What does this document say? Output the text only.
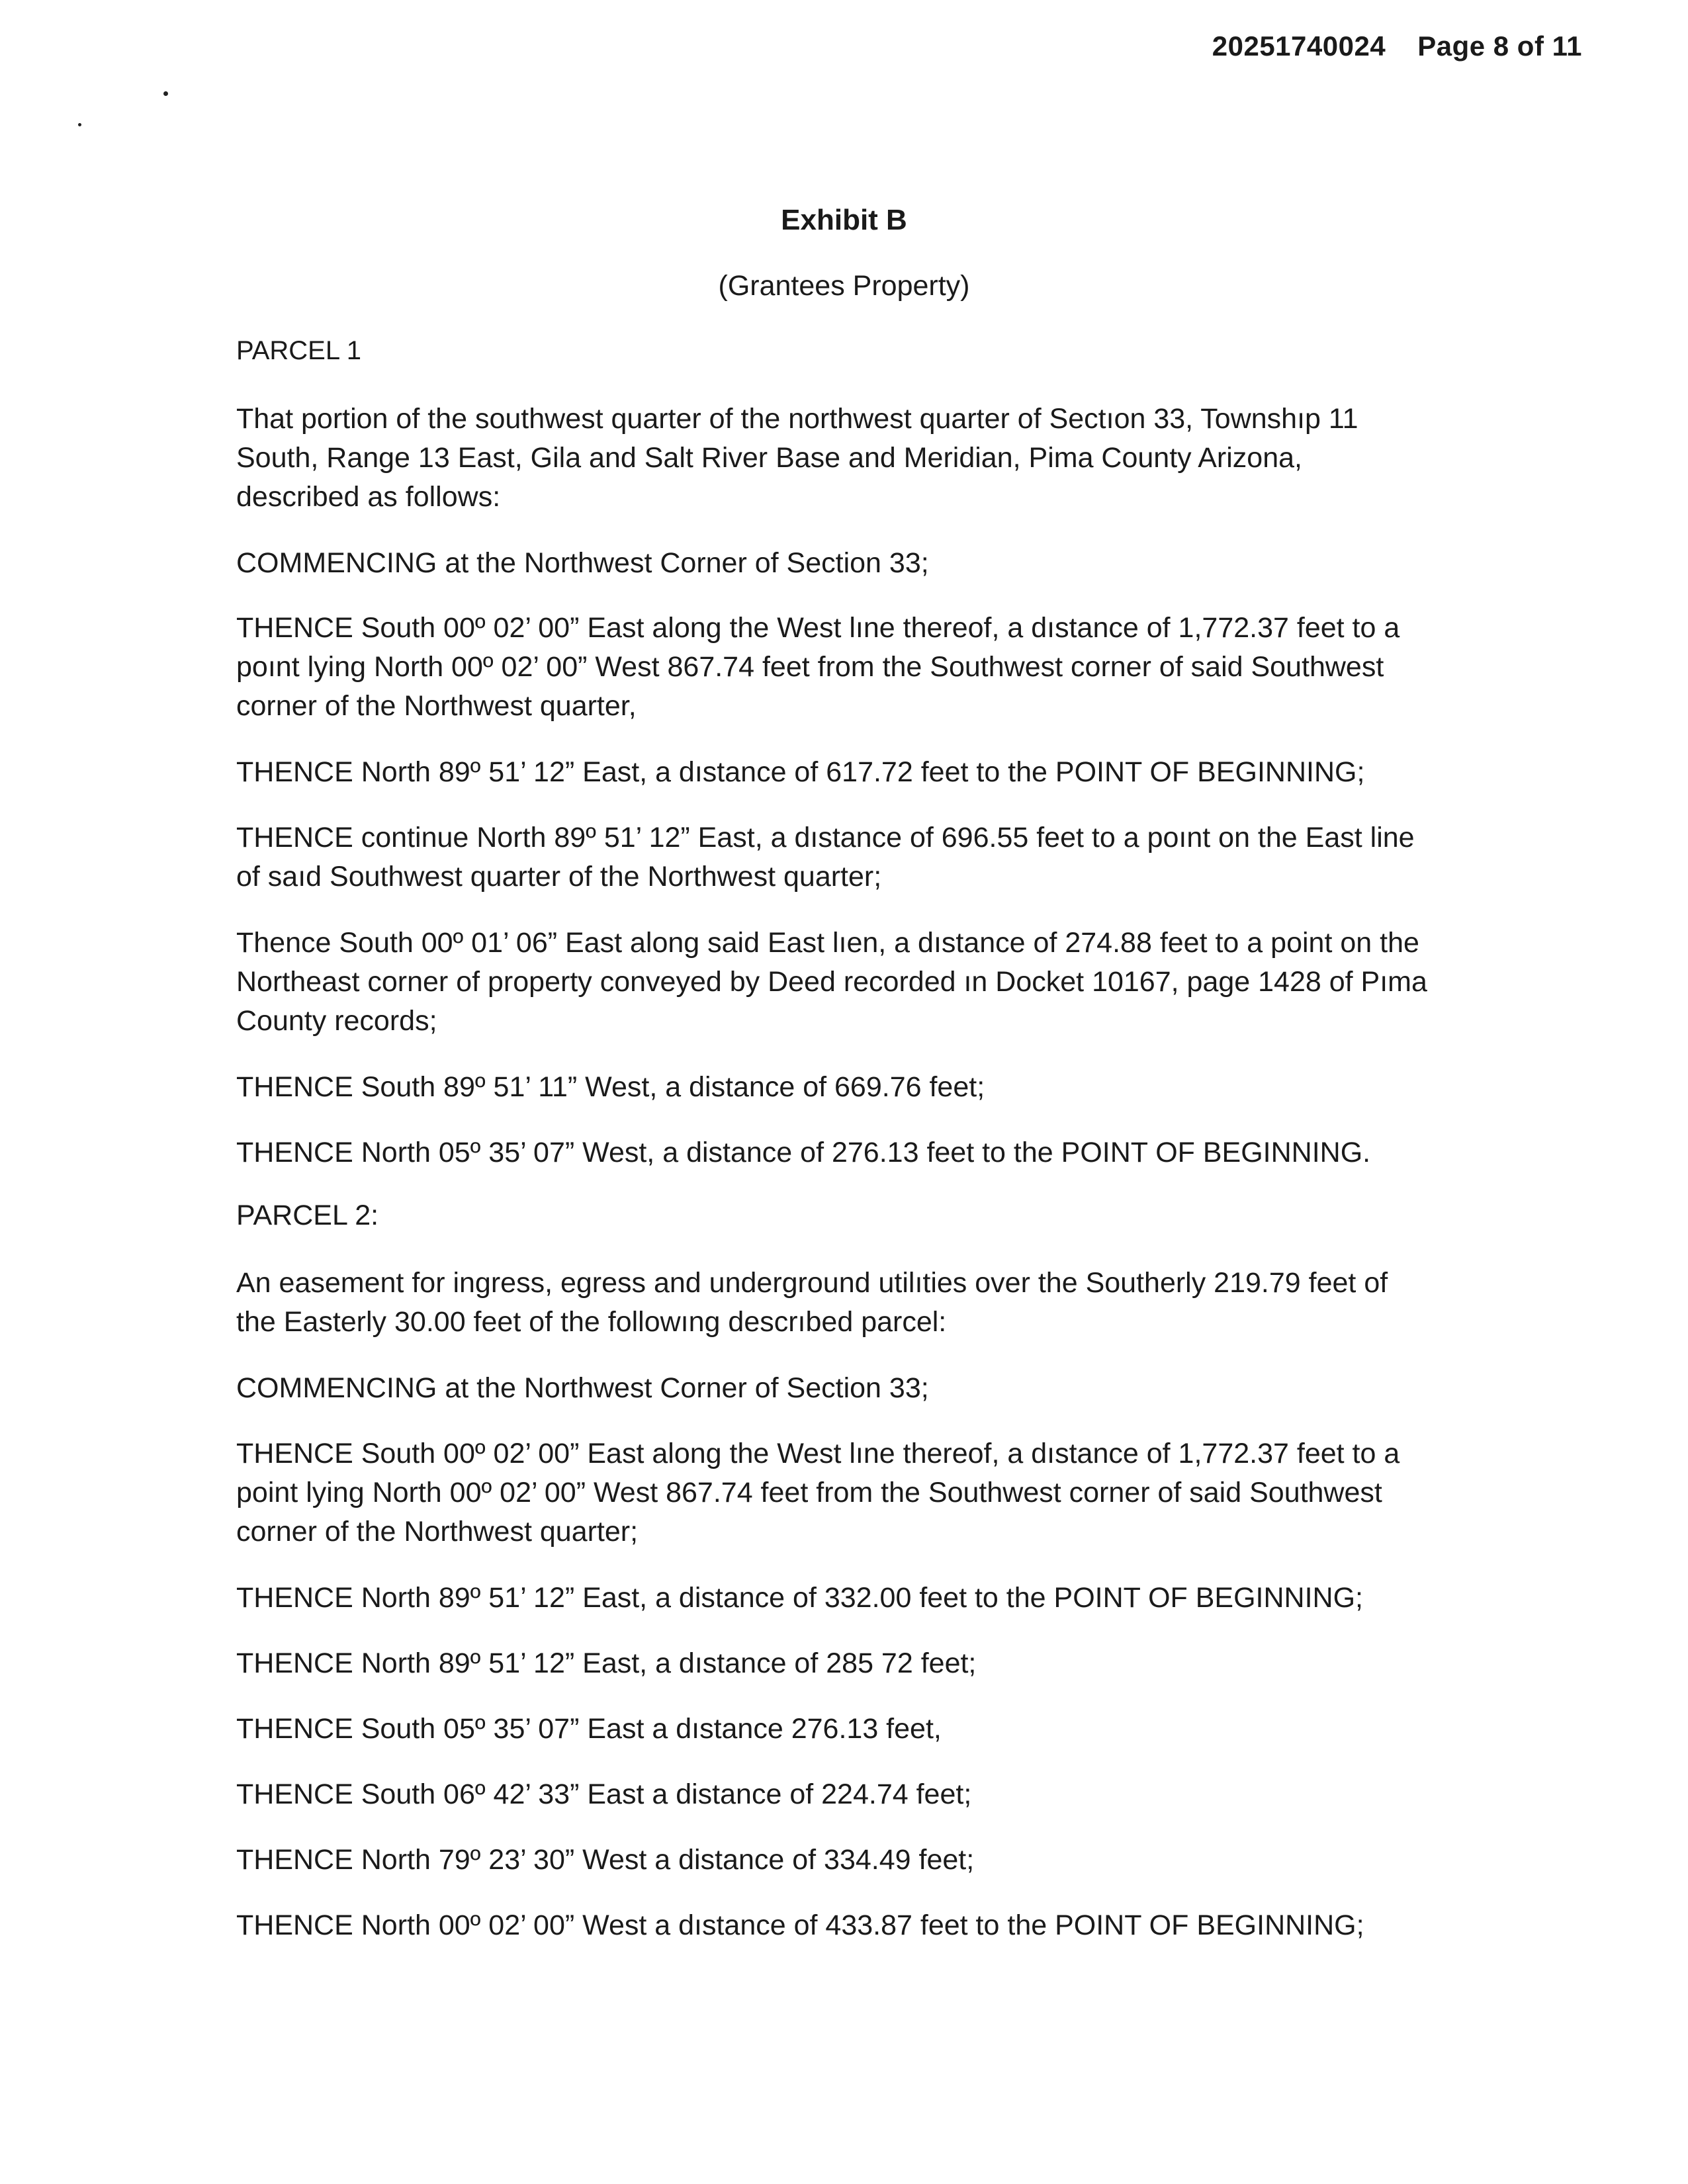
20251740024 Page 8 of 11
Exhibit B
(Grantees Property)
PARCEL 1
That portion of the southwest quarter of the northwest quarter of Sectıon 33, Townshıp 11
South, Range 13 East, Gila and Salt River Base and Meridian, Pima County Arizona,
described as follows:
COMMENCING at the Northwest Corner of Section 33;
THENCE South 00º 02’ 00” East along the West lıne thereof, a dıstance of 1,772.37 feet to a
poınt lying North 00º 02’ 00” West 867.74 feet from the Southwest corner of said Southwest
corner of the Northwest quarter,
THENCE North 89º 51’ 12” East, a dıstance of 617.72 feet to the POINT OF BEGINNING;
THENCE continue North 89º 51’ 12” East, a dıstance of 696.55 feet to a poınt on the East line
of saıd Southwest quarter of the Northwest quarter;
Thence South 00º 01’ 06” East along said East lıen, a dıstance of 274.88 feet to a point on the
Northeast corner of property conveyed by Deed recorded ın Docket 10167, page 1428 of Pıma
County records;
THENCE South 89º 51’ 11” West, a distance of 669.76 feet;
THENCE North 05º 35’ 07” West, a distance of 276.13 feet to the POINT OF BEGINNING.
PARCEL 2:
An easement for ingress, egress and underground utilıties over the Southerly 219.79 feet of
the Easterly 30.00 feet of the followıng descrıbed parcel:
COMMENCING at the Northwest Corner of Section 33;
THENCE South 00º 02’ 00” East along the West lıne thereof, a dıstance of 1,772.37 feet to a
point lying North 00º 02’ 00” West 867.74 feet from the Southwest corner of said Southwest
corner of the Northwest quarter;
THENCE North 89º 51’ 12” East, a distance of 332.00 feet to the POINT OF BEGINNING;
THENCE North 89º 51’ 12” East, a dıstance of 285 72 feet;
THENCE South 05º 35’ 07” East a dıstance 276.13 feet,
THENCE South 06º 42’ 33” East a distance of 224.74 feet;
THENCE North 79º 23’ 30” West a distance of 334.49 feet;
THENCE North 00º 02’ 00” West a dıstance of 433.87 feet to the POINT OF BEGINNING;
